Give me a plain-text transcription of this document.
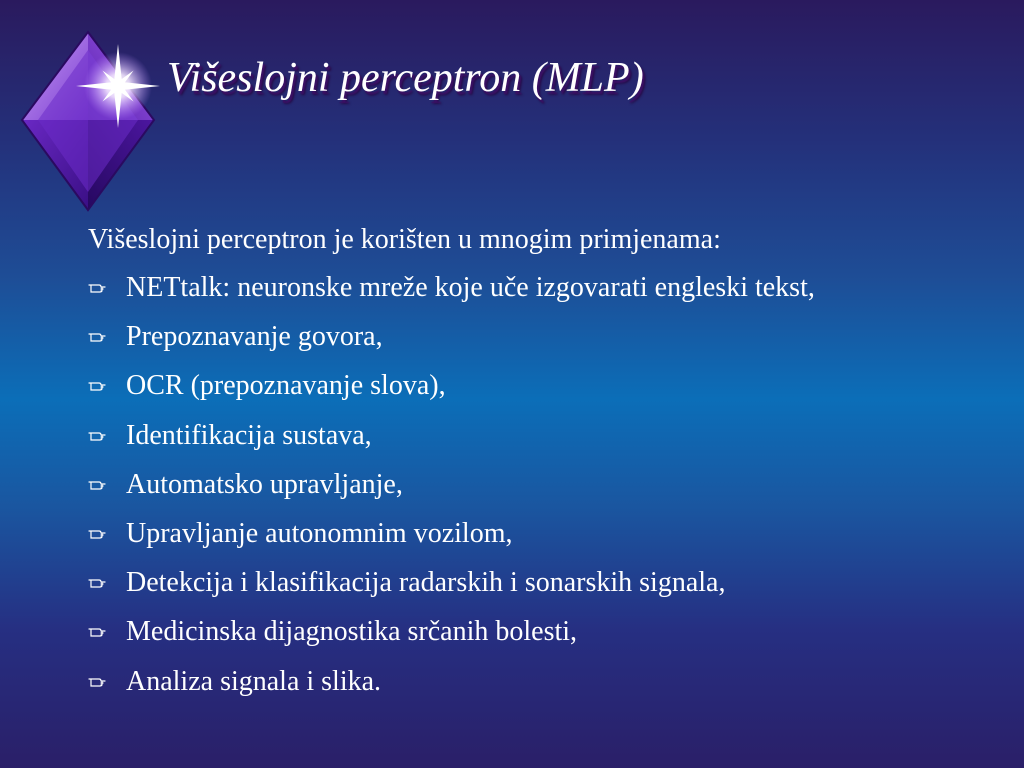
Višeslojni perceptron (MLP)

Višeslojni perceptron je korišten u mnogim primjenama:

NETtalk: neuronske mreže koje uče izgovarati engleski tekst,
Prepoznavanje govora,
OCR (prepoznavanje slova),
Identifikacija sustava,
Automatsko upravljanje,
Upravljanje autonomnim vozilom,
Detekcija i klasifikacija radarskih i sonarskih signala,
Medicinska dijagnostika srčanih bolesti,
Analiza signala i slika.
